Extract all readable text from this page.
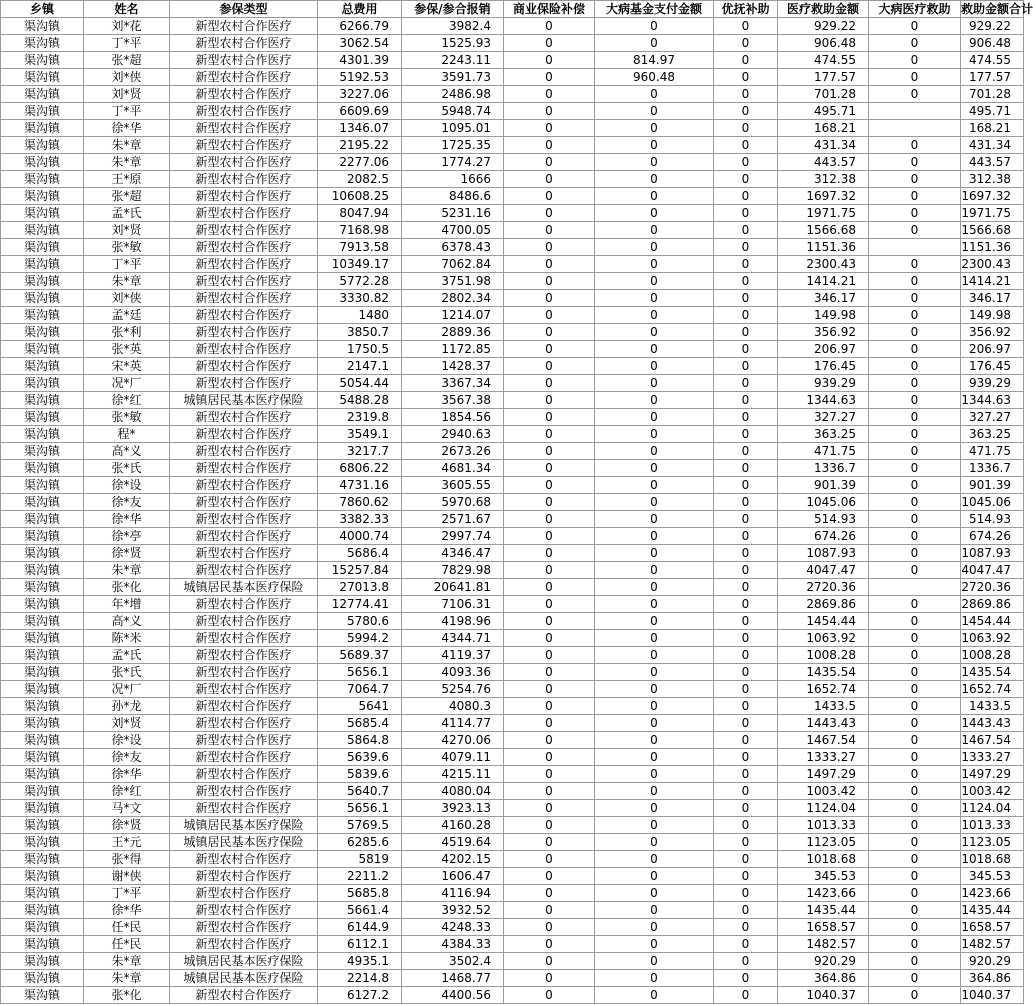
乡镇	姓名	参保类型	总费用	参保/参合报销	商业保险补偿	大病基金支付金额	优抚补助	医疗救助金额	大病医疗救助	救助金额合计
渠沟镇	刘*花	新型农村合作医疗	6266.79	3982.4	0	0	0	929.22	0	929.22
渠沟镇	丁*平	新型农村合作医疗	3062.54	1525.93	0	0	0	906.48	0	906.48
渠沟镇	张*超	新型农村合作医疗	4301.39	2243.11	0	814.97	0	474.55	0	474.55
渠沟镇	刘*侠	新型农村合作医疗	5192.53	3591.73	0	960.48	0	177.57	0	177.57
渠沟镇	刘*贤	新型农村合作医疗	3227.06	2486.98	0	0	0	701.28	0	701.28
渠沟镇	丁*平	新型农村合作医疗	6609.69	5948.74	0	0	0	495.71		495.71
渠沟镇	徐*华	新型农村合作医疗	1346.07	1095.01	0	0	0	168.21		168.21
渠沟镇	朱*章	新型农村合作医疗	2195.22	1725.35	0	0	0	431.34	0	431.34
渠沟镇	朱*章	新型农村合作医疗	2277.06	1774.27	0	0	0	443.57	0	443.57
渠沟镇	王*原	新型农村合作医疗	2082.5	1666	0	0	0	312.38	0	312.38
渠沟镇	张*超	新型农村合作医疗	10608.25	8486.6	0	0	0	1697.32	0	1697.32
渠沟镇	孟*氏	新型农村合作医疗	8047.94	5231.16	0	0	0	1971.75	0	1971.75
渠沟镇	刘*贤	新型农村合作医疗	7168.98	4700.05	0	0	0	1566.68	0	1566.68
渠沟镇	张*敏	新型农村合作医疗	7913.58	6378.43	0	0	0	1151.36		1151.36
渠沟镇	丁*平	新型农村合作医疗	10349.17	7062.84	0	0	0	2300.43	0	2300.43
渠沟镇	朱*章	新型农村合作医疗	5772.28	3751.98	0	0	0	1414.21	0	1414.21
渠沟镇	刘*侠	新型农村合作医疗	3330.82	2802.34	0	0	0	346.17	0	346.17
渠沟镇	孟*廷	新型农村合作医疗	1480	1214.07	0	0	0	149.98	0	149.98
渠沟镇	张*利	新型农村合作医疗	3850.7	2889.36	0	0	0	356.92	0	356.92
渠沟镇	张*英	新型农村合作医疗	1750.5	1172.85	0	0	0	206.97	0	206.97
渠沟镇	宋*英	新型农村合作医疗	2147.1	1428.37	0	0	0	176.45	0	176.45
渠沟镇	况*厂	新型农村合作医疗	5054.44	3367.34	0	0	0	939.29	0	939.29
渠沟镇	徐*红	城镇居民基本医疗保险	5488.28	3567.38	0	0	0	1344.63	0	1344.63
渠沟镇	张*敏	新型农村合作医疗	2319.8	1854.56	0	0	0	327.27	0	327.27
渠沟镇	程*	新型农村合作医疗	3549.1	2940.63	0	0	0	363.25	0	363.25
渠沟镇	高*义	新型农村合作医疗	3217.7	2673.26	0	0	0	471.75	0	471.75
渠沟镇	张*氏	新型农村合作医疗	6806.22	4681.34	0	0	0	1336.7	0	1336.7
渠沟镇	徐*设	新型农村合作医疗	4731.16	3605.55	0	0	0	901.39	0	901.39
渠沟镇	徐*友	新型农村合作医疗	7860.62	5970.68	0	0	0	1045.06	0	1045.06
渠沟镇	徐*华	新型农村合作医疗	3382.33	2571.67	0	0	0	514.93	0	514.93
渠沟镇	徐*亭	新型农村合作医疗	4000.74	2997.74	0	0	0	674.26	0	674.26
渠沟镇	徐*贤	新型农村合作医疗	5686.4	4346.47	0	0	0	1087.93	0	1087.93
渠沟镇	朱*章	新型农村合作医疗	15257.84	7829.98	0	0	0	4047.47	0	4047.47
渠沟镇	张*化	城镇居民基本医疗保险	27013.8	20641.81	0	0	0	2720.36		2720.36
渠沟镇	年*增	新型农村合作医疗	12774.41	7106.31	0	0	0	2869.86	0	2869.86
渠沟镇	高*义	新型农村合作医疗	5780.6	4198.96	0	0	0	1454.44	0	1454.44
渠沟镇	陈*米	新型农村合作医疗	5994.2	4344.71	0	0	0	1063.92	0	1063.92
渠沟镇	孟*氏	新型农村合作医疗	5689.37	4119.37	0	0	0	1008.28	0	1008.28
渠沟镇	张*氏	新型农村合作医疗	5656.1	4093.36	0	0	0	1435.54	0	1435.54
渠沟镇	况*厂	新型农村合作医疗	7064.7	5254.76	0	0	0	1652.74	0	1652.74
渠沟镇	孙*龙	新型农村合作医疗	5641	4080.3	0	0	0	1433.5	0	1433.5
渠沟镇	刘*贤	新型农村合作医疗	5685.4	4114.77	0	0	0	1443.43	0	1443.43
渠沟镇	徐*设	新型农村合作医疗	5864.8	4270.06	0	0	0	1467.54	0	1467.54
渠沟镇	徐*友	新型农村合作医疗	5639.6	4079.11	0	0	0	1333.27	0	1333.27
渠沟镇	徐*华	新型农村合作医疗	5839.6	4215.11	0	0	0	1497.29	0	1497.29
渠沟镇	徐*红	新型农村合作医疗	5640.7	4080.04	0	0	0	1003.42	0	1003.42
渠沟镇	马*文	新型农村合作医疗	5656.1	3923.13	0	0	0	1124.04	0	1124.04
渠沟镇	徐*贤	城镇居民基本医疗保险	5769.5	4160.28	0	0	0	1013.33	0	1013.33
渠沟镇	王*元	城镇居民基本医疗保险	6285.6	4519.64	0	0	0	1123.05	0	1123.05
渠沟镇	张*得	新型农村合作医疗	5819	4202.15	0	0	0	1018.68	0	1018.68
渠沟镇	谢*侠	新型农村合作医疗	2211.2	1606.47	0	0	0	345.53	0	345.53
渠沟镇	丁*平	新型农村合作医疗	5685.8	4116.94	0	0	0	1423.66	0	1423.66
渠沟镇	徐*华	新型农村合作医疗	5661.4	3932.52	0	0	0	1435.44	0	1435.44
渠沟镇	任*民	新型农村合作医疗	6144.9	4248.33	0	0	0	1658.57	0	1658.57
渠沟镇	任*民	新型农村合作医疗	6112.1	4384.33	0	0	0	1482.57	0	1482.57
渠沟镇	朱*章	城镇居民基本医疗保险	4935.1	3502.4	0	0	0	920.29	0	920.29
渠沟镇	朱*章	城镇居民基本医疗保险	2214.8	1468.77	0	0	0	364.86	0	364.86
渠沟镇	张*化	新型农村合作医疗	6127.2	4400.56	0	0	0	1040.37	0	1040.37
